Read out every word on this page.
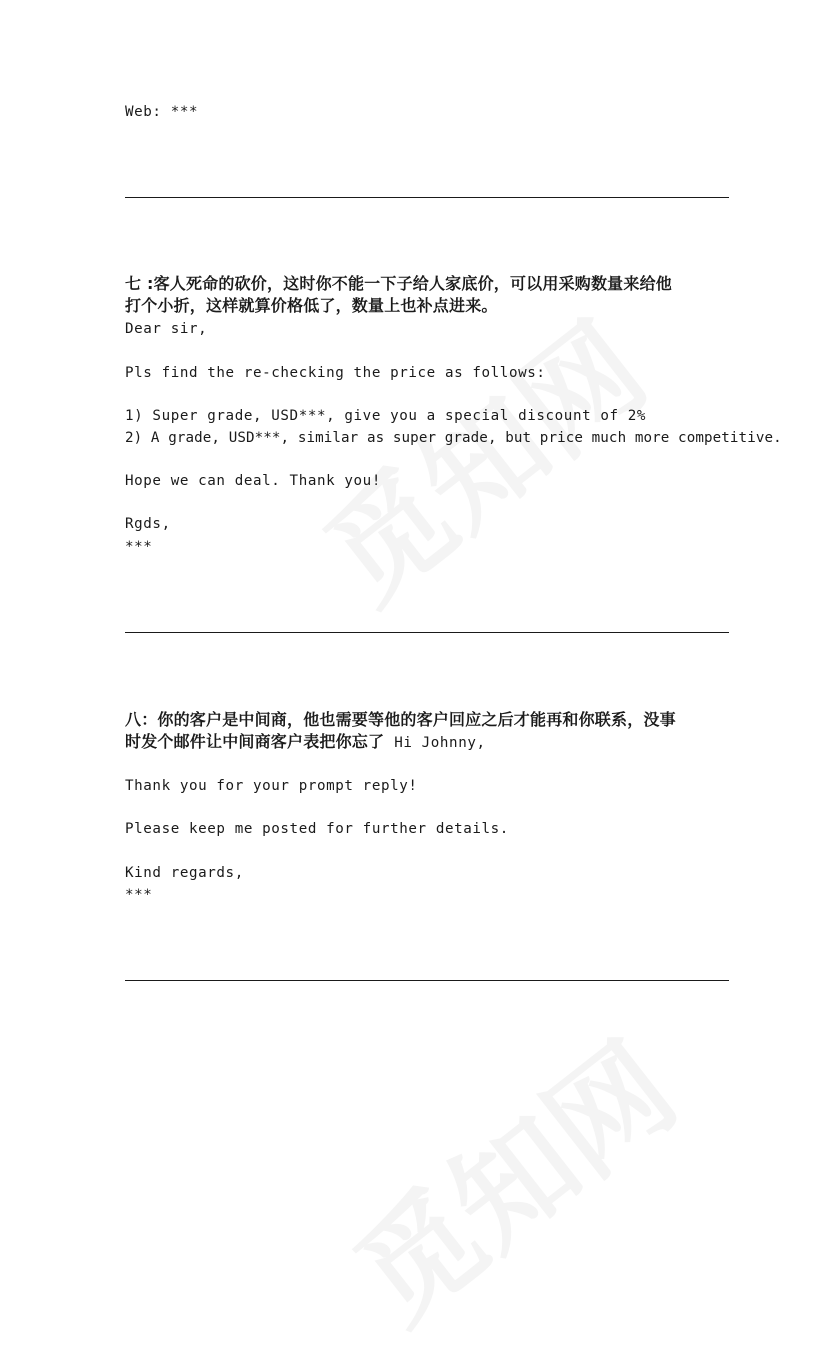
Web: ***
七 :客人死命的砍价，这时你不能一下子给人家底价，可以用采购数量来给他
打个小折，这样就算价格低了，数量上也补点进来。
Dear sir,
Pls find the re-checking the price as follows:
1) Super grade, USD***, give you a special discount of 2%
2) A grade, USD***, similar as super grade, but price much more competitive.
Hope we can deal. Thank you!
Rgds,
***
八：你的客户是中间商，他也需要等他的客户回应之后才能再和你联系，没事
时发个邮件让中间商客户表把你忘了 Hi Johnny,
Thank you for your prompt reply!
Please keep me posted for further details.
Kind regards,
***
